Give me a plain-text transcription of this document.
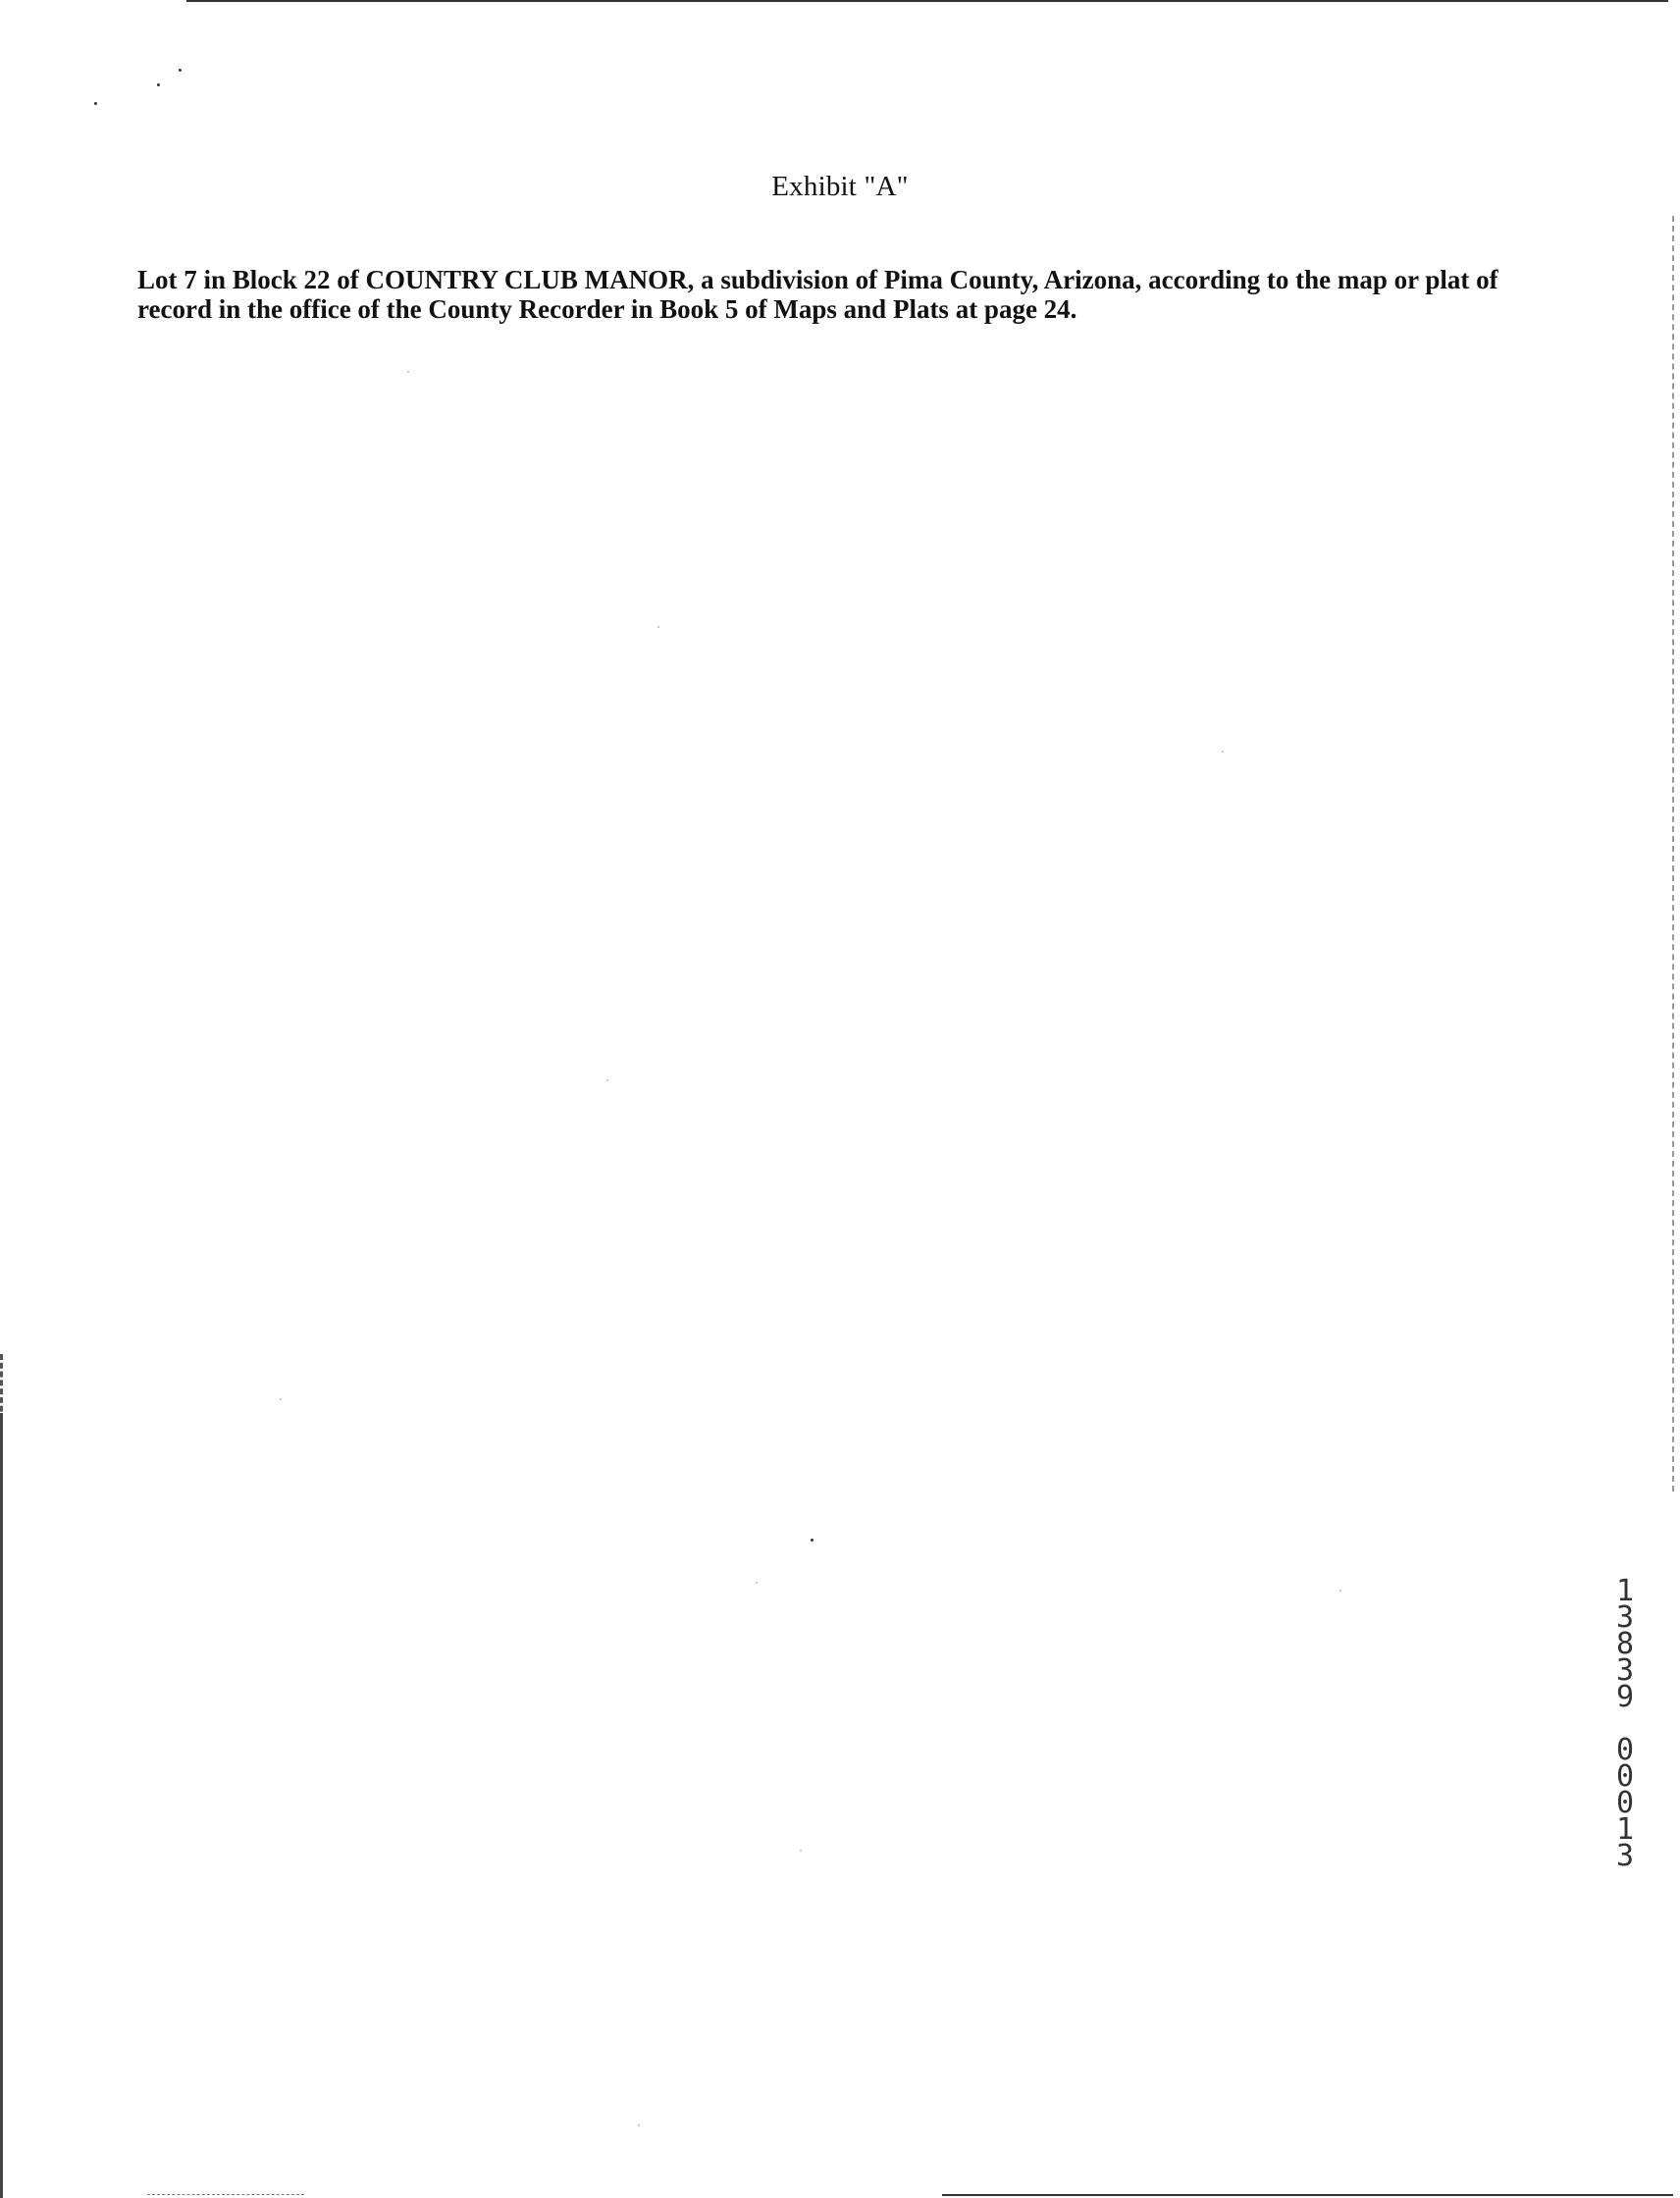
Exhibit "A"

Lot 7 in Block 22 of COUNTRY CLUB MANOR, a subdivision of Pima County, Arizona, according to the map or plat of record in the office of the County Recorder in Book 5 of Maps and Plats at page 24.

1
3
8
3
9

0
0
0
1
3
